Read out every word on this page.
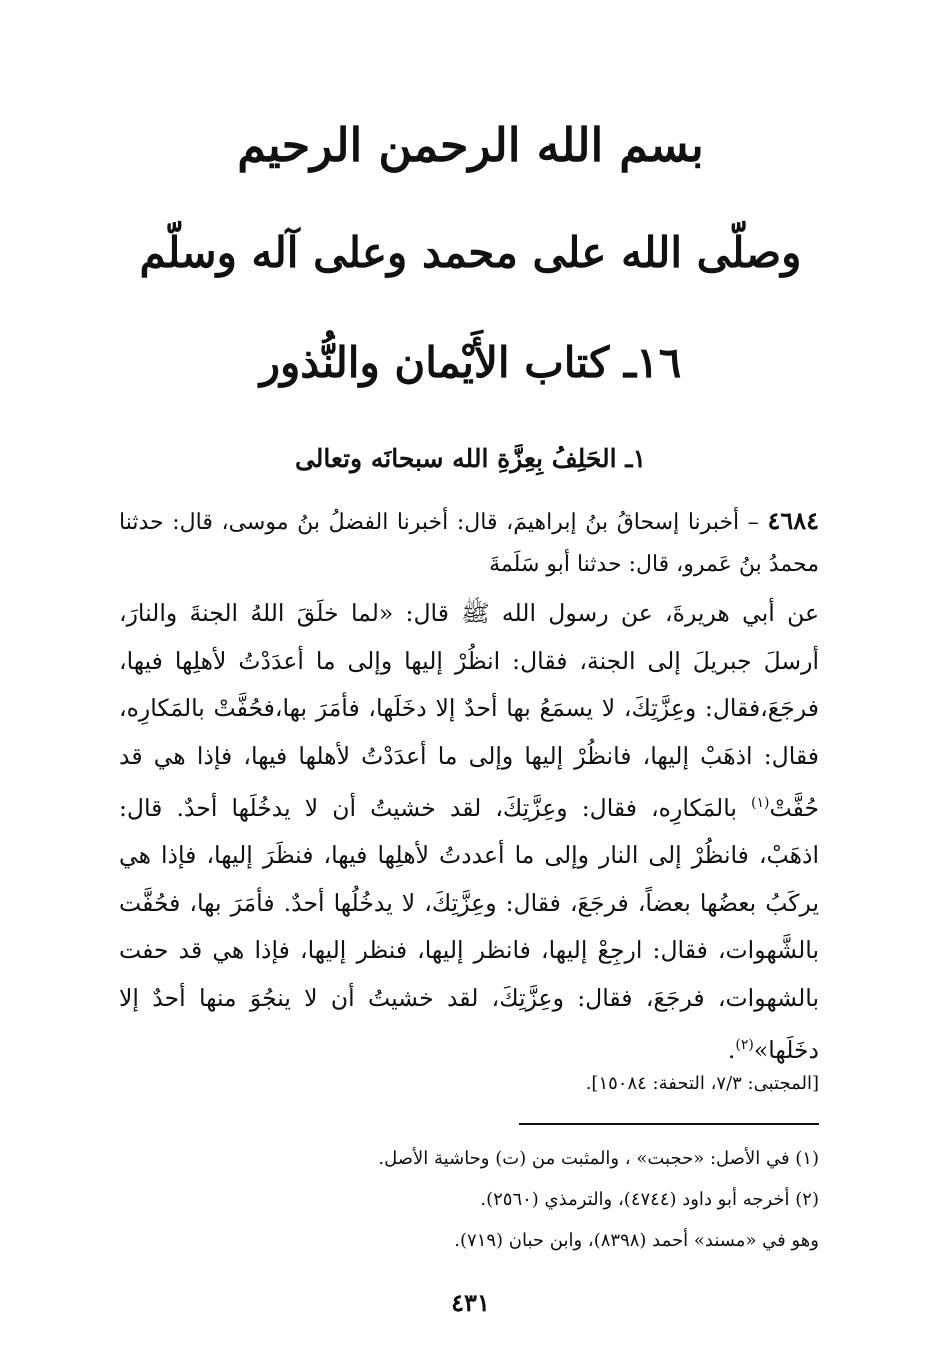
بسم الله الرحمن الرحيم
وصلّى الله على محمد وعلى آله وسلّم
١٦ـ كتاب الأَيْمان والنُّذور
١ـ الحَلِفُ بِعِزَّةِ الله سبحانَه وتعالى
٤٦٨٤ – أخبرنا إسحاقُ بنُ إبراهيمَ، قال: أخبرنا الفضلُ بنُ موسى، قال: حدثنا محمدُ بنُ عَمرو، قال: حدثنا أبو سَلَمةَ
عن أبي هريرةَ، عن رسول الله ﷺ قال: «لما خلَقَ اللهُ الجنةَ والنارَ، أرسلَ جبريلَ إلى الجنة، فقال: انظُرْ إليها وإلى ما أعدَدْتُ لأهلِها فيها، فرجَعَ،فقال: وعِزَّتِكَ، لا يسمَعُ بها أحدٌ إلا دخَلَها، فأمَرَ بها،فحُفَّتْ بالمَكارِه، فقال: اذهَبْ إليها، فانظُرْ إليها وإلى ما أعدَدْتُ لأهلها فيها، فإذا هي قد حُفَّتْ$^{(١)}$ بالمَكارِه، فقال: وعِزَّتِكَ، لقد خشيتُ أن لا يدخُلَها أحدٌ. قال: اذهَبْ، فانظُرْ إلى النار وإلى ما أعددتُ لأهلِها فيها، فنظَرَ إليها، فإذا هي يركَبُ بعضُها بعضاً، فرجَعَ، فقال: وعِزَّتِكَ، لا يدخُلُها أحدٌ. فأمَرَ بها، فحُفَّت بالشَّهوات، فقال: ارجِعْ إليها، فانظر إليها، فنظر إليها، فإذا هي قد حفت بالشهوات، فرجَعَ، فقال: وعِزَّتِكَ، لقد خشيتُ أن لا ينجُوَ منها أحدٌ إلا دخَلَها»$^{(٢)}$.
[المجتبى: ٧/٣، التحفة: ١٥٠٨٤].
(١) في الأصل: «حجبت» ، والمثبت من (ت) وحاشية الأصل.
(٢) أخرجه أبو داود (٤٧٤٤)، والترمذي (٢٥٦٠).
وهو في «مسند» أحمد (٨٣٩٨)، وابن حبان (٧١٩).
٤٣١
